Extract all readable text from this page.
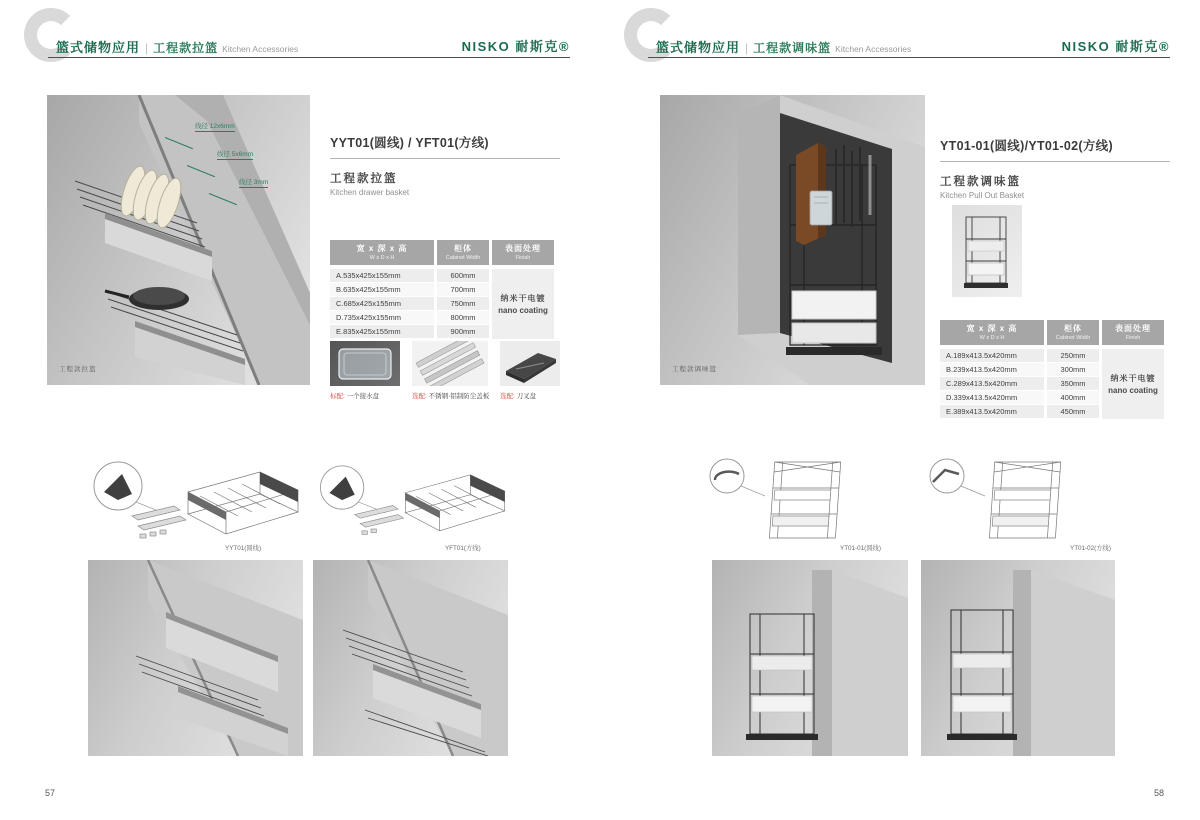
篮式储物应用 | 工程款拉篮 Kitchen Accessories	NISKO 耐斯克®
线径 12x6mm
线径 5x6mm
线径 3mm
工程款拉篮
YYT01(圆线) / YFT01(方线)
工程款拉篮
Kitchen drawer basket
宽 x 深 x 高
W x D x H
柜体
Cabinet Width
表面处理
Finish
A.535x425x155mm	600mm
B.635x425x155mm	700mm
C.685x425x155mm	750mm
D.735x425x155mm	800mm
E.835x425x155mm	900mm
纳米干电镀
nano coating
标配: 一个接水盘	选配: 不锈钢·铝制防尘盖板 选配: 刀叉盘
YYT01(圆线)	YFT01(方线)
57
篮式储物应用 | 工程款调味篮 Kitchen Accessories	NISKO 耐斯克®
工程款调味篮
YT01-01(圆线)/YT01-02(方线)
工程款调味篮
Kitchen Pull Out Basket
宽 x 深 x 高
W x D x H
柜体
Cabinet Width
表面处理
Finish
A.189x413.5x420mm	250mm
B.239x413.5x420mm	300mm
C.289x413.5x420mm	350mm
D.339x413.5x420mm	400mm
E.389x413.5x420mm	450mm
纳米干电镀
nano coating
YT01-01(圆线)	YT01-02(方线)
58
